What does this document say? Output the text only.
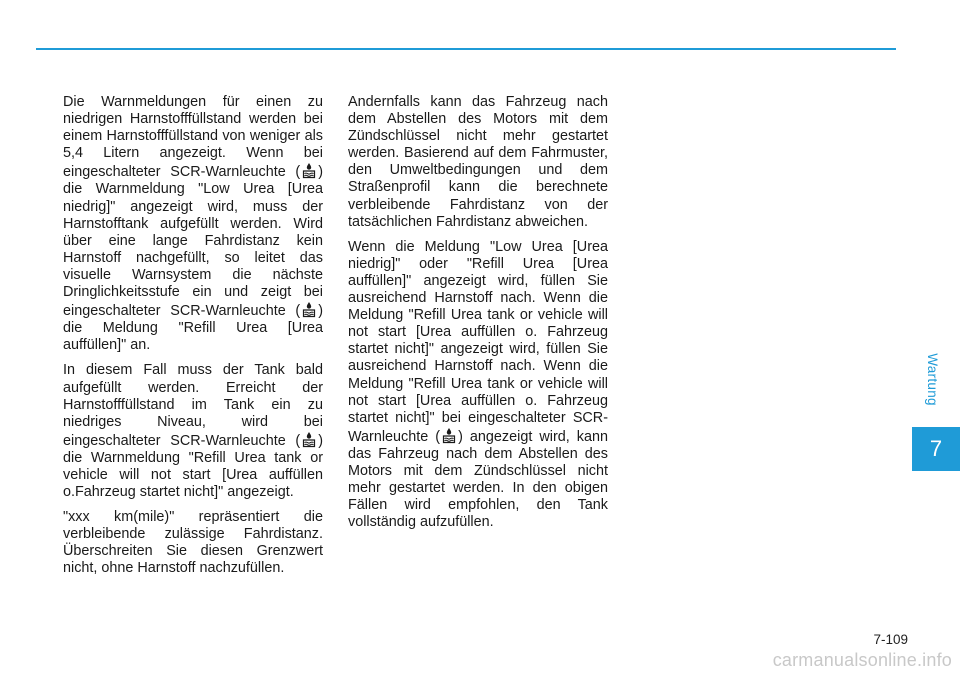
Wartung
7

Die Warnmeldungen für einen zu niedrigen Harnstofffüllstand werden bei einem Harnstofffüllstand von weniger als 5,4 Litern angezeigt. Wenn bei eingeschalteter SCR-Warnleuchte ( ) die Warnmeldung "Low Urea [Urea niedrig]" angezeigt wird, muss der Harnstofftank aufgefüllt werden. Wird über eine lange Fahrdistanz kein Harnstoff nachgefüllt, so leitet das visuelle Warnsystem die nächste Dringlichkeitsstufe ein und zeigt bei eingeschalteter SCR-Warnleuchte ( ) die Meldung "Refill Urea [Urea auffüllen]" an.

In diesem Fall muss der Tank bald aufgefüllt werden. Erreicht der Harnstofffüllstand im Tank ein zu niedriges Niveau, wird bei eingeschalteter SCR-Warnleuchte ( ) die Warnmeldung "Refill Urea tank or vehicle will not start [Urea auffüllen o.Fahrzeug startet nicht]" angezeigt.

"xxx km(mile)" repräsentiert die verbleibende zulässige Fahrdistanz. Überschreiten Sie diesen Grenzwert nicht, ohne Harnstoff nachzufüllen.

Andernfalls kann das Fahrzeug nach dem Abstellen des Motors mit dem Zündschlüssel nicht mehr gestartet werden. Basierend auf dem Fahrmuster, den Umweltbedingungen und dem Straßenprofil kann die berechnete verbleibende Fahrdistanz von der tatsächlichen Fahrdistanz abweichen.

Wenn die Meldung "Low Urea [Urea niedrig]" oder "Refill Urea [Urea auffüllen]" angezeigt wird, füllen Sie ausreichend Harnstoff nach. Wenn die Meldung "Refill Urea tank or vehicle will not start [Urea auffüllen o. Fahrzeug startet nicht]" angezeigt wird, füllen Sie ausreichend Harnstoff nach. Wenn die Meldung "Refill Urea tank or vehicle will not start [Urea auffüllen o. Fahrzeug startet nicht]" bei eingeschalteter SCR-Warnleuchte ( ) angezeigt wird, kann das Fahrzeug nach dem Abstellen des Motors mit dem Zündschlüssel nicht mehr gestartet werden. In den obigen Fällen wird empfohlen, den Tank vollständig aufzufüllen.

7-109
carmanualsonline.info
